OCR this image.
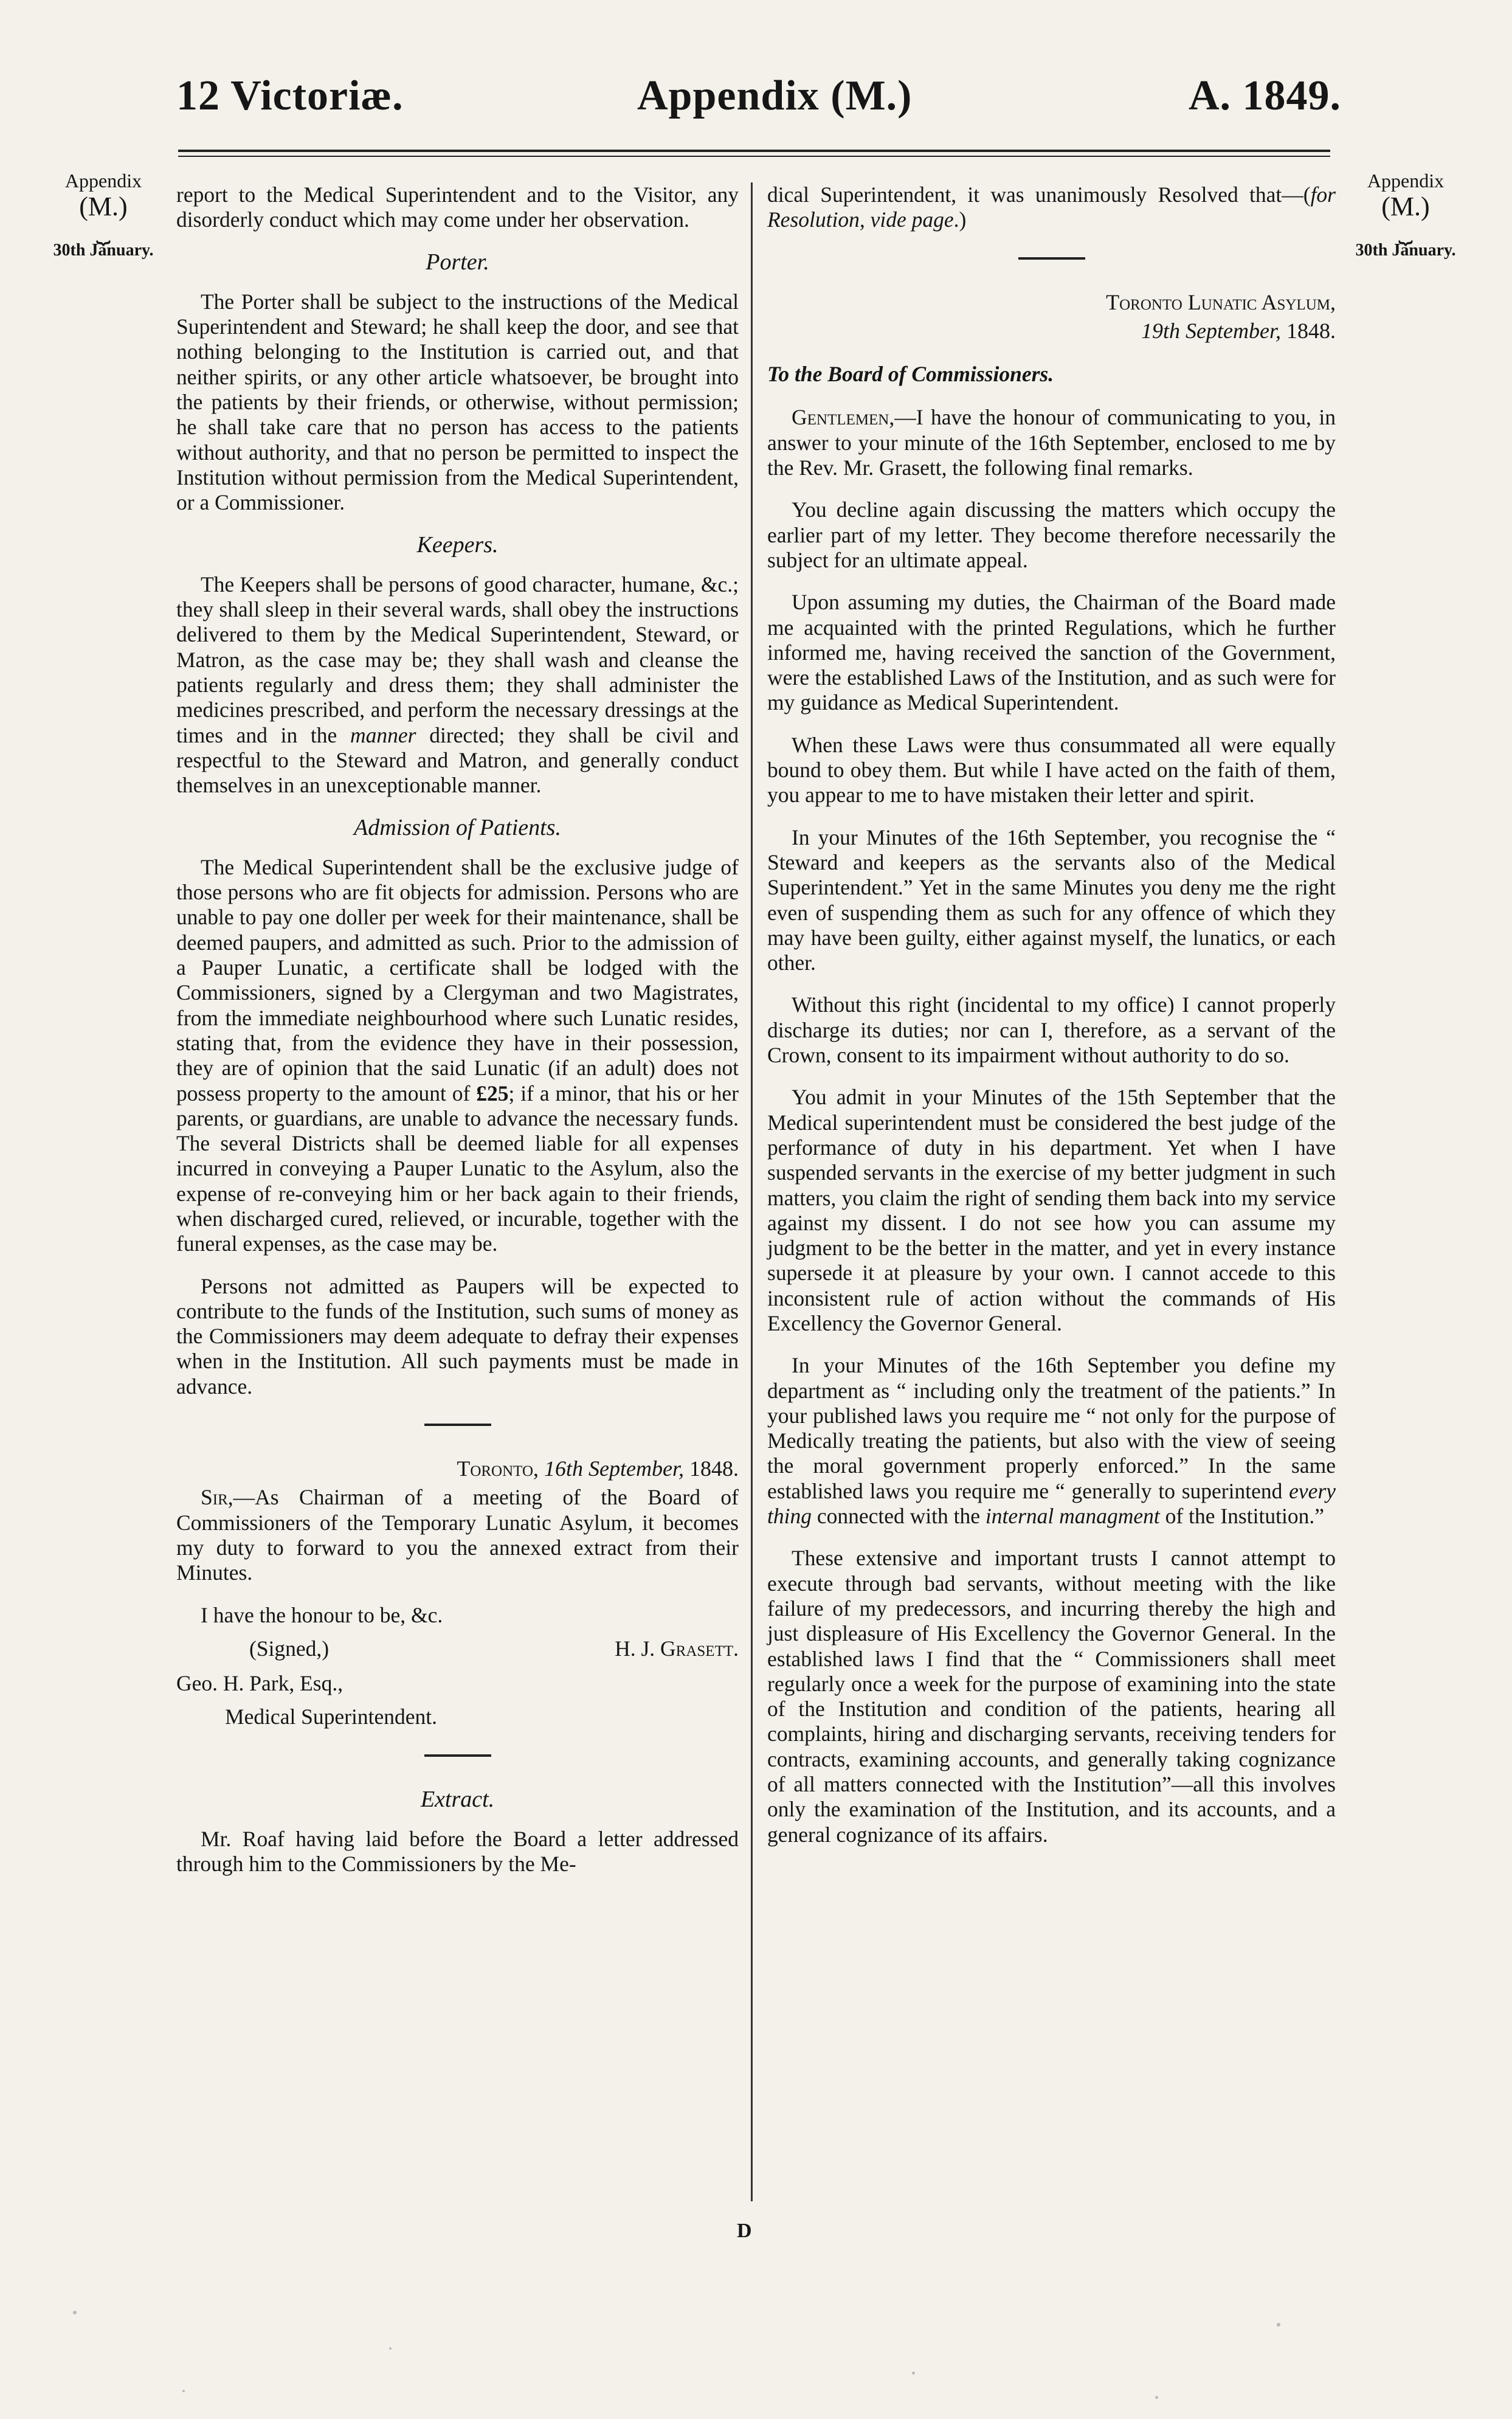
12 Victoriæ.	Appendix (M.)	A. 1849.
Appendix
(M.)
⏟
30th January.
Appendix
(M.)
⏟
30th January.

report to the Medical Superintendent and to the Visitor, any disorderly conduct which may come under her observation.

Porter.

The Porter shall be subject to the instructions of the Medical Superintendent and Steward; he shall keep the door, and see that nothing belonging to the Institution is carried out, and that neither spirits, or any other article whatsoever, be brought into the patients by their friends, or otherwise, without permission; he shall take care that no person has access to the patients without authority, and that no person be permitted to inspect the Institution without permission from the Medical Superintendent, or a Commissioner.

Keepers.

The Keepers shall be persons of good character, humane, &c.; they shall sleep in their several wards, shall obey the instructions delivered to them by the Medical Superintendent, Steward, or Matron, as the case may be; they shall wash and cleanse the patients regularly and dress them; they shall administer the medicines prescribed, and perform the necessary dressings at the times and in the manner directed; they shall be civil and respectful to the Steward and Matron, and generally conduct themselves in an unexceptionable manner.

Admission of Patients.

The Medical Superintendent shall be the exclusive judge of those persons who are fit objects for admission. Persons who are unable to pay one doller per week for their maintenance, shall be deemed paupers, and admitted as such. Prior to the admission of a Pauper Lunatic, a certificate shall be lodged with the Commissioners, signed by a Clergyman and two Magistrates, from the immediate neighbourhood where such Lunatic resides, stating that, from the evidence they have in their possession, they are of opinion that the said Lunatic (if an adult) does not possess property to the amount of £25; if a minor, that his or her parents, or guardians, are unable to advance the necessary funds. The several Districts shall be deemed liable for all expenses incurred in conveying a Pauper Lunatic to the Asylum, also the expense of re-conveying him or her back again to their friends, when discharged cured, relieved, or incurable, together with the funeral expenses, as the case may be.

Persons not admitted as Paupers will be expected to contribute to the funds of the Institution, such sums of money as the Commissioners may deem adequate to defray their expenses when in the Institution. All such payments must be made in advance.

Toronto, 16th September, 1848.

Sir,—As Chairman of a meeting of the Board of Commissioners of the Temporary Lunatic Asylum, it becomes my duty to forward to you the annexed extract from their Minutes.

I have the honour to be, &c.

(Signed,)	H. J. Grasett.

Geo. H. Park, Esq.,

Medical Superintendent.

Extract.

Mr. Roaf having laid before the Board a letter addressed through him to the Commissioners by the Me-

dical Superintendent, it was unanimously Resolved that—(for Resolution, vide page.)

Toronto Lunatic Asylum,
19th September, 1848.

To the Board of Commissioners.

Gentlemen,—I have the honour of communicating to you, in answer to your minute of the 16th September, enclosed to me by the Rev. Mr. Grasett, the following final remarks.

You decline again discussing the matters which occupy the earlier part of my letter. They become therefore necessarily the subject for an ultimate appeal.

Upon assuming my duties, the Chairman of the Board made me acquainted with the printed Regulations, which he further informed me, having received the sanction of the Government, were the established Laws of the Institution, and as such were for my guidance as Medical Superintendent.

When these Laws were thus consummated all were equally bound to obey them. But while I have acted on the faith of them, you appear to me to have mistaken their letter and spirit.

In your Minutes of the 16th September, you recognise the “ Steward and keepers as the servants also of the Medical Superintendent.” Yet in the same Minutes you deny me the right even of suspending them as such for any offence of which they may have been guilty, either against myself, the lunatics, or each other.

Without this right (incidental to my office) I cannot properly discharge its duties; nor can I, therefore, as a servant of the Crown, consent to its impairment without authority to do so.

You admit in your Minutes of the 15th September that the Medical superintendent must be considered the best judge of the performance of duty in his department. Yet when I have suspended servants in the exercise of my better judgment in such matters, you claim the right of sending them back into my service against my dissent. I do not see how you can assume my judgment to be the better in the matter, and yet in every instance supersede it at pleasure by your own. I cannot accede to this inconsistent rule of action without the commands of His Excellency the Governor General.

In your Minutes of the 16th September you define my department as “ including only the treatment of the patients.” In your published laws you require me “ not only for the purpose of Medically treating the patients, but also with the view of seeing the moral government properly enforced.” In the same established laws you require me “ generally to superintend every thing connected with the internal managment of the Institution.”

These extensive and important trusts I cannot attempt to execute through bad servants, without meeting with the like failure of my predecessors, and incurring thereby the high and just displeasure of His Excellency the Governor General. In the established laws I find that the “ Commissioners shall meet regularly once a week for the purpose of examining into the state of the Institution and condition of the patients, hearing all complaints, hiring and discharging servants, receiving tenders for contracts, examining accounts, and generally taking cognizance of all matters connected with the Institution”—all this involves only the examination of the Institution, and its accounts, and a general cognizance of its affairs.

D
